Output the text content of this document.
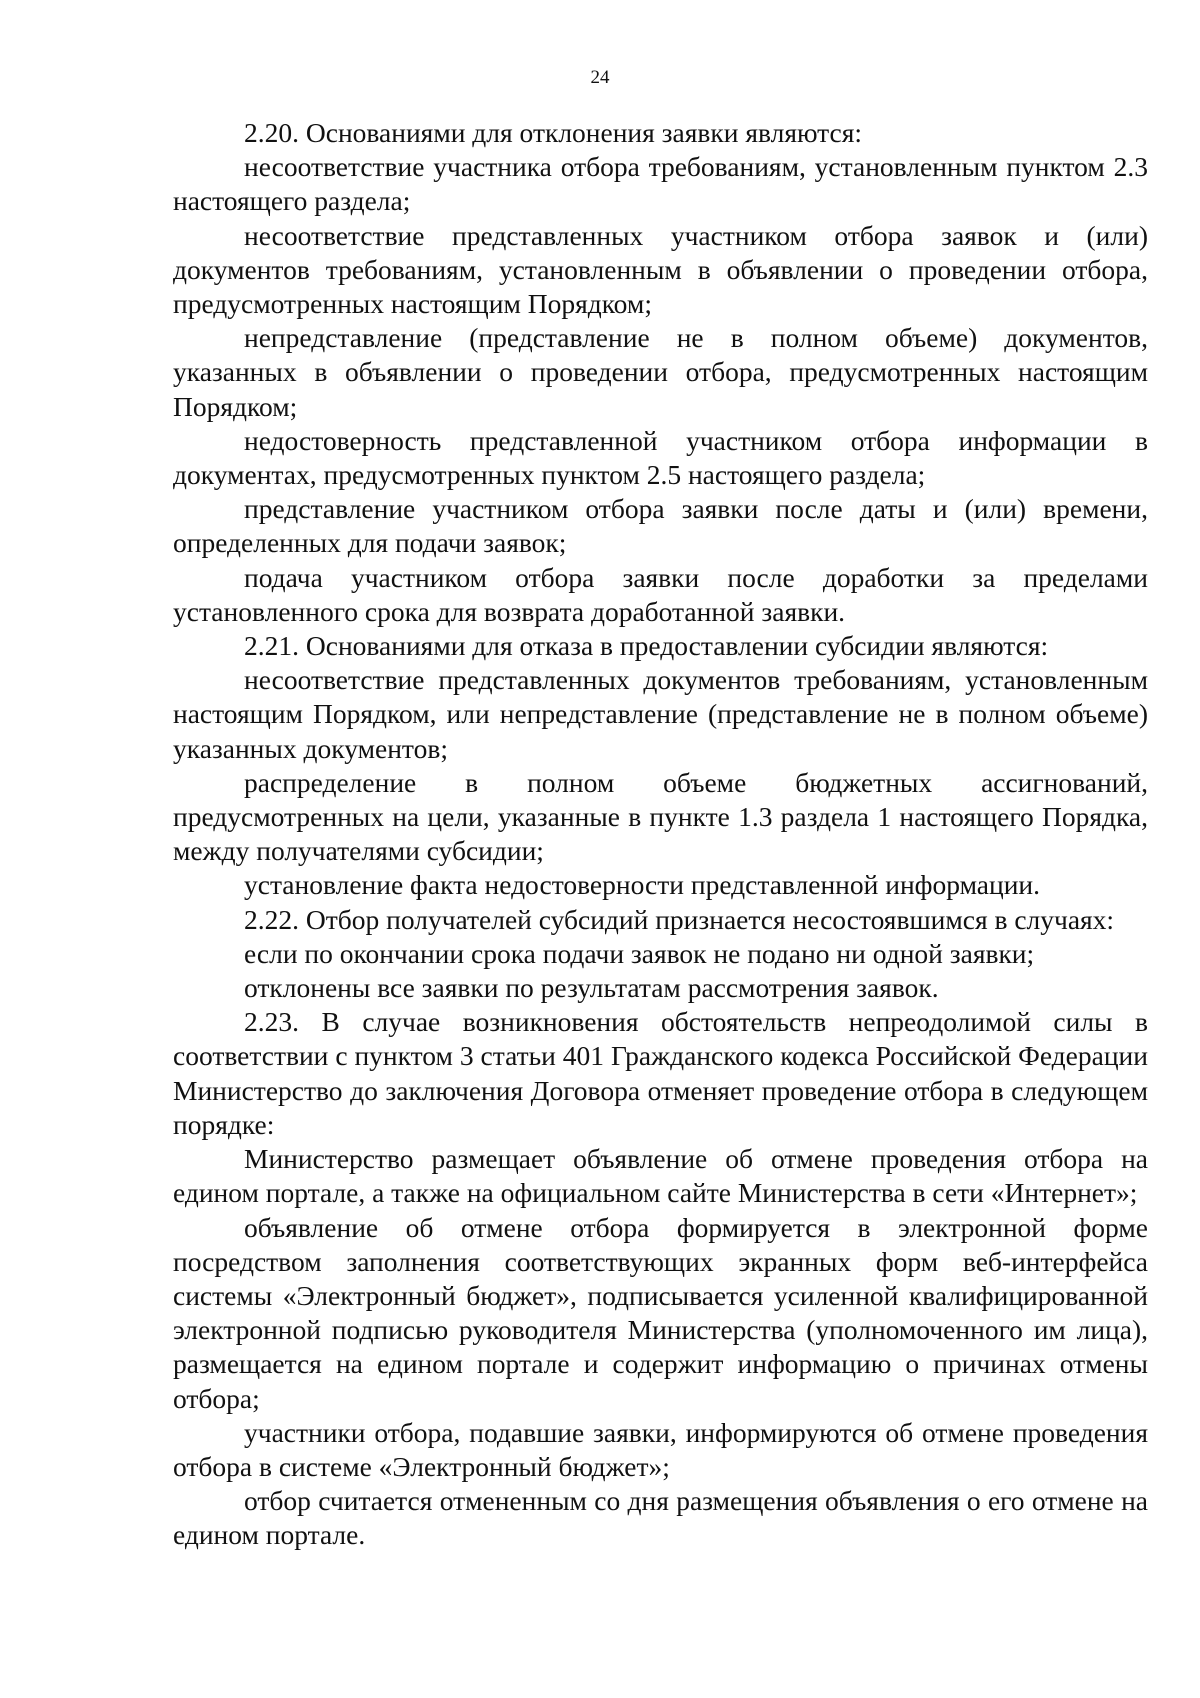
24

2.20. Основаниями для отклонения заявки являются:

несоответствие участника отбора требованиям, установленным пунктом 2.3 настоящего раздела;

несоответствие представленных участником отбора заявок и (или) документов требованиям, установленным в объявлении о проведении отбора, предусмотренных настоящим Порядком;

непредставление (представление не в полном объеме) документов, указанных в объявлении о проведении отбора, предусмотренных настоящим Порядком;

недостоверность представленной участником отбора информации в документах, предусмотренных пунктом 2.5 настоящего раздела;

представление участником отбора заявки после даты и (или) времени, определенных для подачи заявок;

подача участником отбора заявки после доработки за пределами установленного срока для возврата доработанной заявки.

2.21. Основаниями для отказа в предоставлении субсидии являются:

несоответствие представленных документов требованиям, установленным настоящим Порядком, или непредставление (представление не в полном объеме) указанных документов;

распределение в полном объеме бюджетных ассигнований, предусмотренных на цели, указанные в пункте 1.3 раздела 1 настоящего Порядка, между получателями субсидии;

установление факта недостоверности представленной информации.

2.22. Отбор получателей субсидий признается несостоявшимся в случаях:

если по окончании срока подачи заявок не подано ни одной заявки;

отклонены все заявки по результатам рассмотрения заявок.

2.23. В случае возникновения обстоятельств непреодолимой силы в соответствии с пунктом 3 статьи 401 Гражданского кодекса Российской Федерации Министерство до заключения Договора отменяет проведение отбора в следующем порядке:

Министерство размещает объявление об отмене проведения отбора на едином портале, а также на официальном сайте Министерства в сети «Интернет»;

объявление об отмене отбора формируется в электронной форме посредством заполнения соответствующих экранных форм веб-интерфейса системы «Электронный бюджет», подписывается усиленной квалифицированной электронной подписью руководителя Министерства (уполномоченного им лица), размещается на едином портале и содержит информацию о причинах отмены отбора;

участники отбора, подавшие заявки, информируются об отмене проведения отбора в системе «Электронный бюджет»;

отбор считается отмененным со дня размещения объявления о его отмене на едином портале.
